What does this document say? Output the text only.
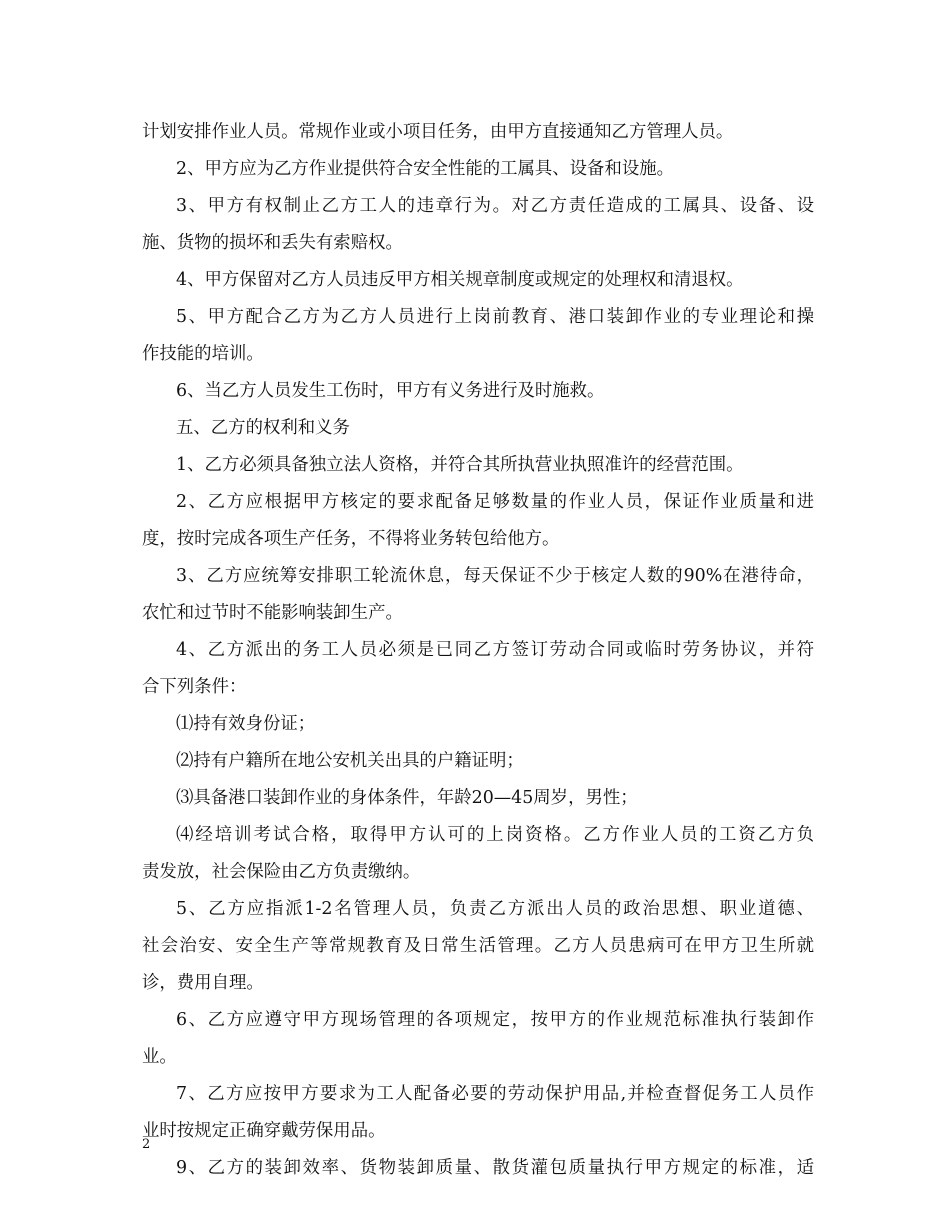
计划安排作业人员。常规作业或小项目任务，由甲方直接通知乙方管理人员。
2、甲方应为乙方作业提供符合安全性能的工属具、设备和设施。
3、甲方有权制止乙方工人的违章行为。对乙方责任造成的工属具、设备、设
施、货物的损坏和丢失有索赔权。
4、甲方保留对乙方人员违反甲方相关规章制度或规定的处理权和清退权。
5、甲方配合乙方为乙方人员进行上岗前教育、港口装卸作业的专业理论和操
作技能的培训。
6、当乙方人员发生工伤时，甲方有义务进行及时施救。
五、乙方的权利和义务
1、乙方必须具备独立法人资格，并符合其所执营业执照准许的经营范围。
2、乙方应根据甲方核定的要求配备足够数量的作业人员，保证作业质量和进
度，按时完成各项生产任务，不得将业务转包给他方。
3、乙方应统筹安排职工轮流休息，每天保证不少于核定人数的90%在港待命，
农忙和过节时不能影响装卸生产。
4、乙方派出的务工人员必须是已同乙方签订劳动合同或临时劳务协议，并符
合下列条件：
⑴持有效身份证；
⑵持有户籍所在地公安机关出具的户籍证明；
⑶具备港口装卸作业的身体条件，年龄20—45周岁，男性；
⑷经培训考试合格，取得甲方认可的上岗资格。乙方作业人员的工资乙方负
责发放，社会保险由乙方负责缴纳。
5、乙方应指派1-2名管理人员，负责乙方派出人员的政治思想、职业道德、
社会治安、安全生产等常规教育及日常生活管理。乙方人员患病可在甲方卫生所就
诊，费用自理。
6、乙方应遵守甲方现场管理的各项规定，按甲方的作业规范标准执行装卸作
业。
7、乙方应按甲方要求为工人配备必要的劳动保护用品,并检查督促务工人员作
业时按规定正确穿戴劳保用品。
9、乙方的装卸效率、货物装卸质量、散货灌包质量执行甲方规定的标准，适
2
